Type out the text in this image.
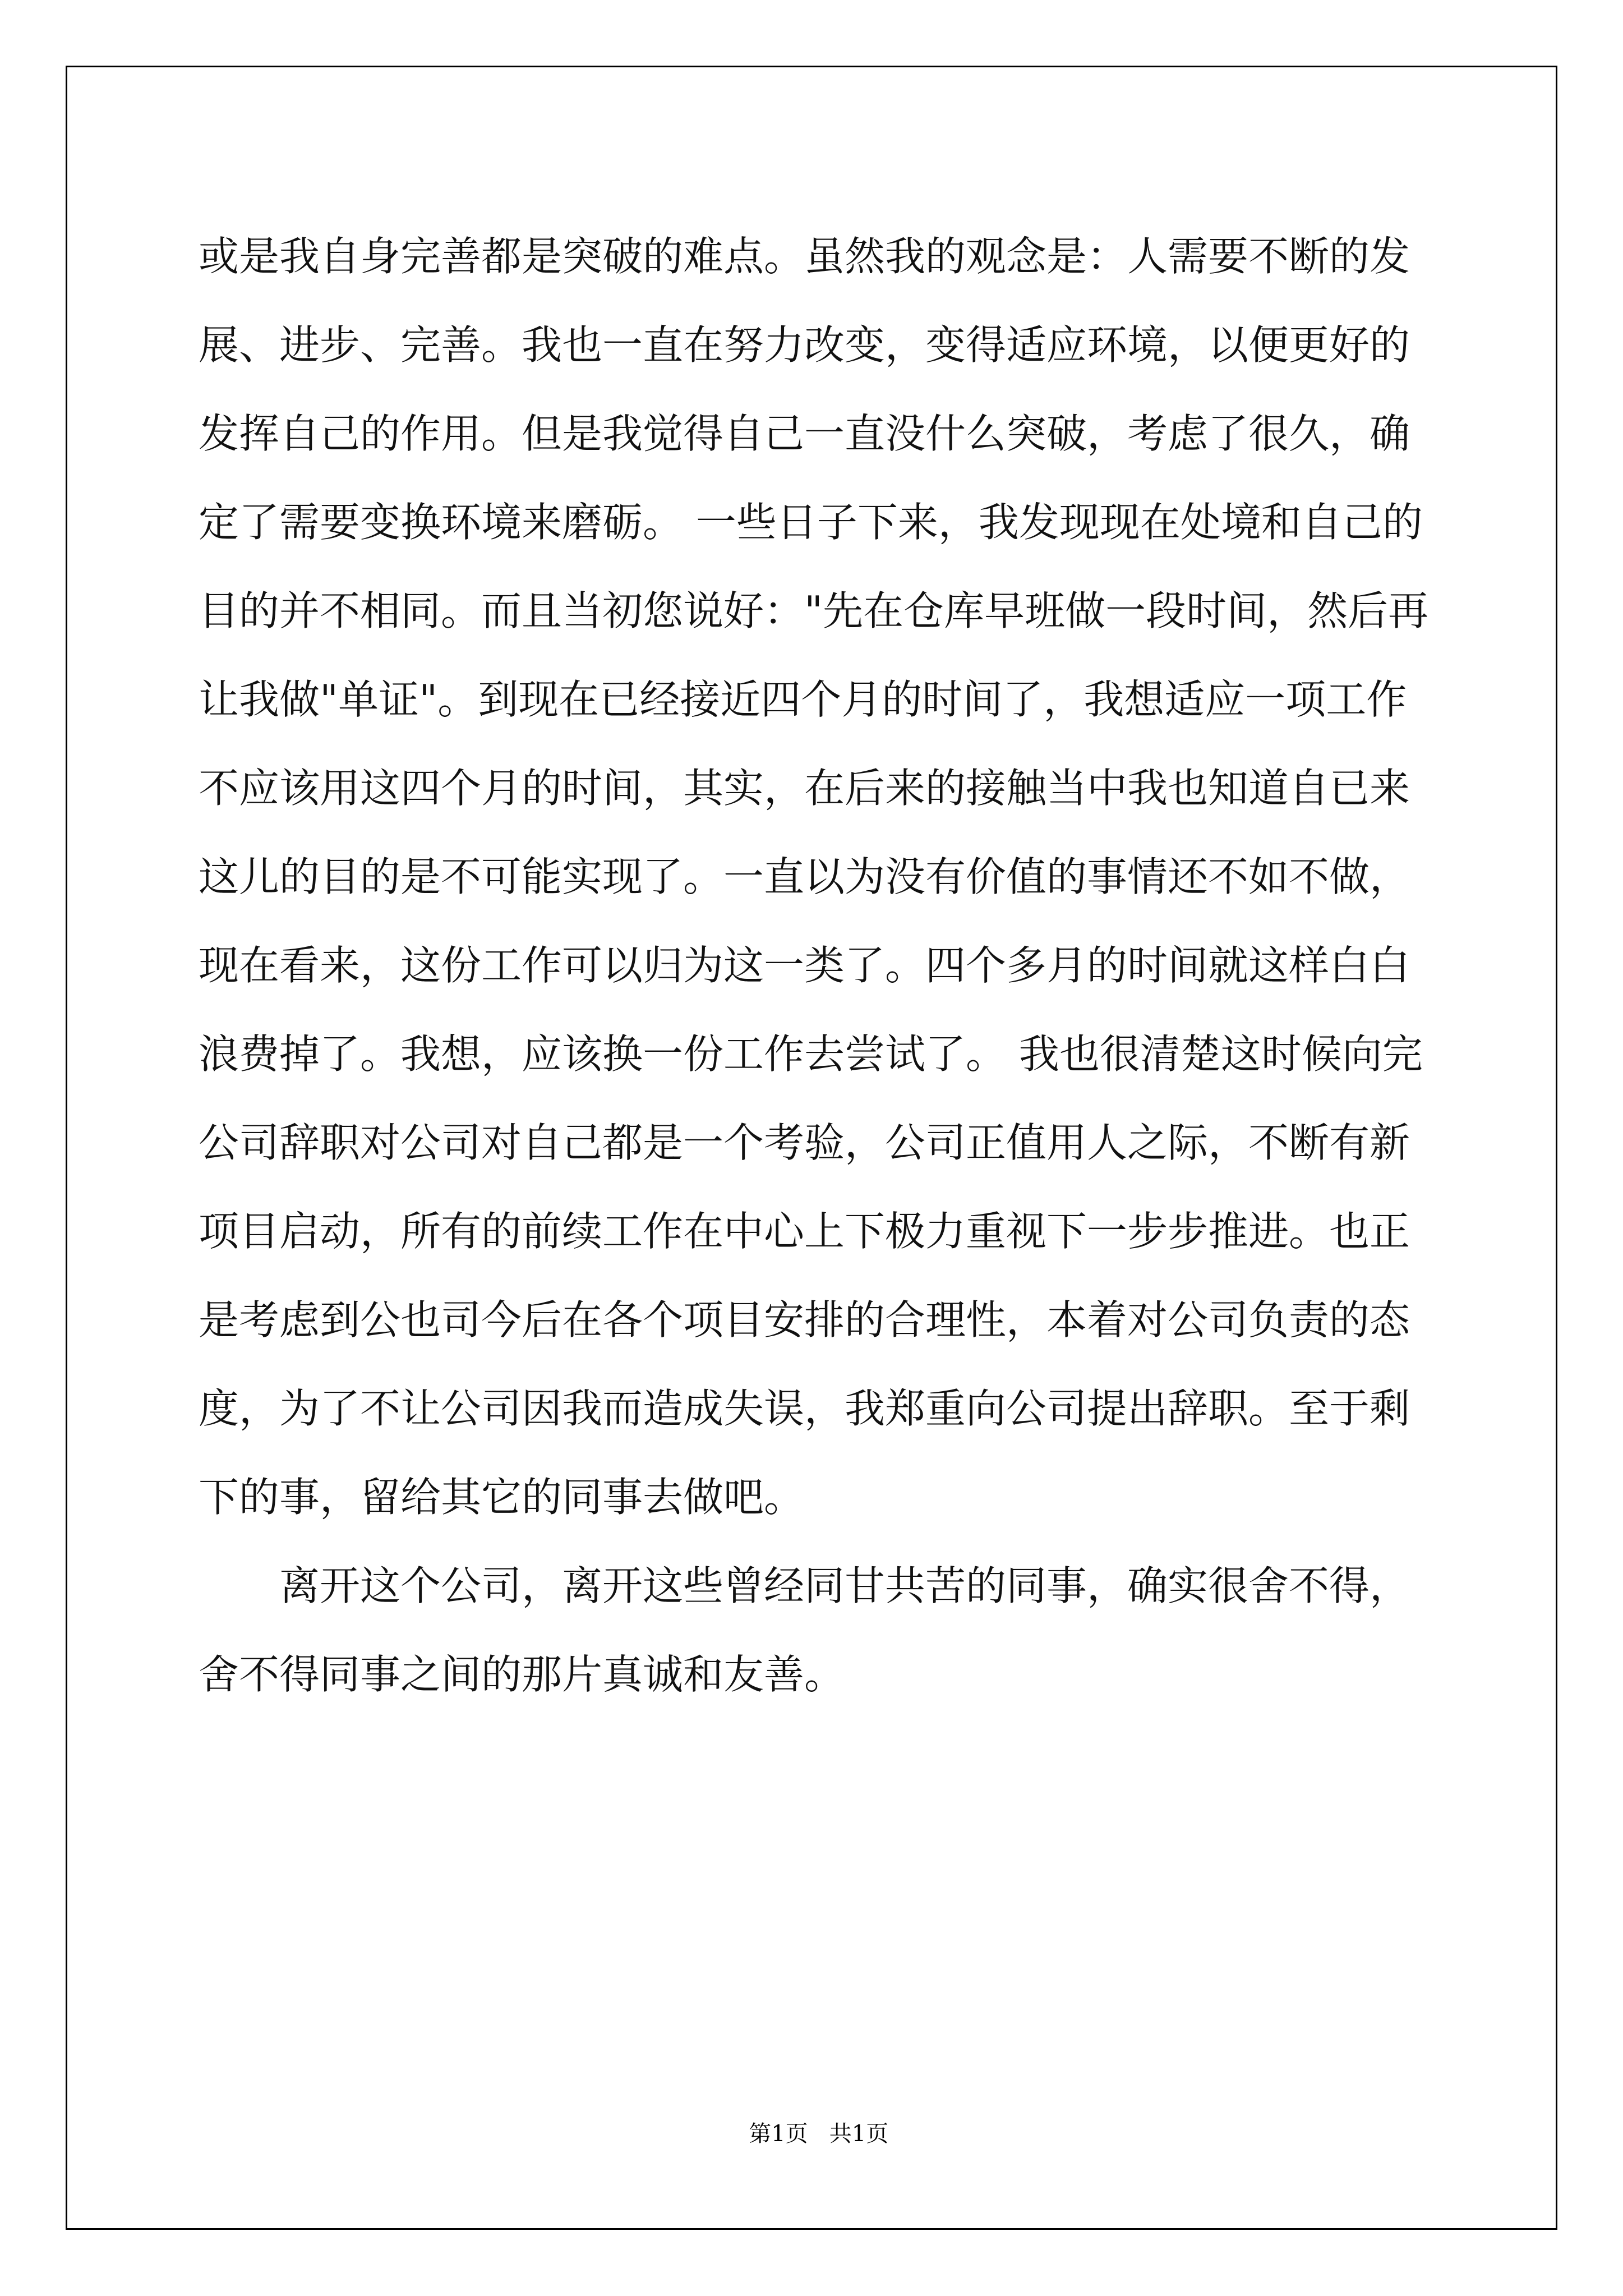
或是我自身完善都是突破的难点。虽然我的观念是：人需要不断的发
展、进步、完善。我也一直在努力改变，变得适应环境，以便更好的
发挥自己的作用。但是我觉得自己一直没什么突破，考虑了很久，确
定了需要变换环境来磨砺。 一些日子下来，我发现现在处境和自己的
目的并不相同。而且当初您说好："先在仓库早班做一段时间，然后再
让我做"单证"。到现在已经接近四个月的时间了，我想适应一项工作
不应该用这四个月的时间，其实，在后来的接触当中我也知道自已来
这儿的目的是不可能实现了。一直以为没有价值的事情还不如不做，
现在看来，这份工作可以归为这一类了。四个多月的时间就这样白白
浪费掉了。我想，应该换一份工作去尝试了。 我也很清楚这时候向完
公司辞职对公司对自己都是一个考验，公司正值用人之际，不断有新
项目启动，所有的前续工作在中心上下极力重视下一步步推进。也正
是考虑到公也司今后在各个项目安排的合理性，本着对公司负责的态
度，为了不让公司因我而造成失误，我郑重向公司提出辞职。至于剩
下的事，留给其它的同事去做吧。

　　离开这个公司，离开这些曾经同甘共苦的同事，确实很舍不得，
舍不得同事之间的那片真诚和友善。

第1页   共1页
